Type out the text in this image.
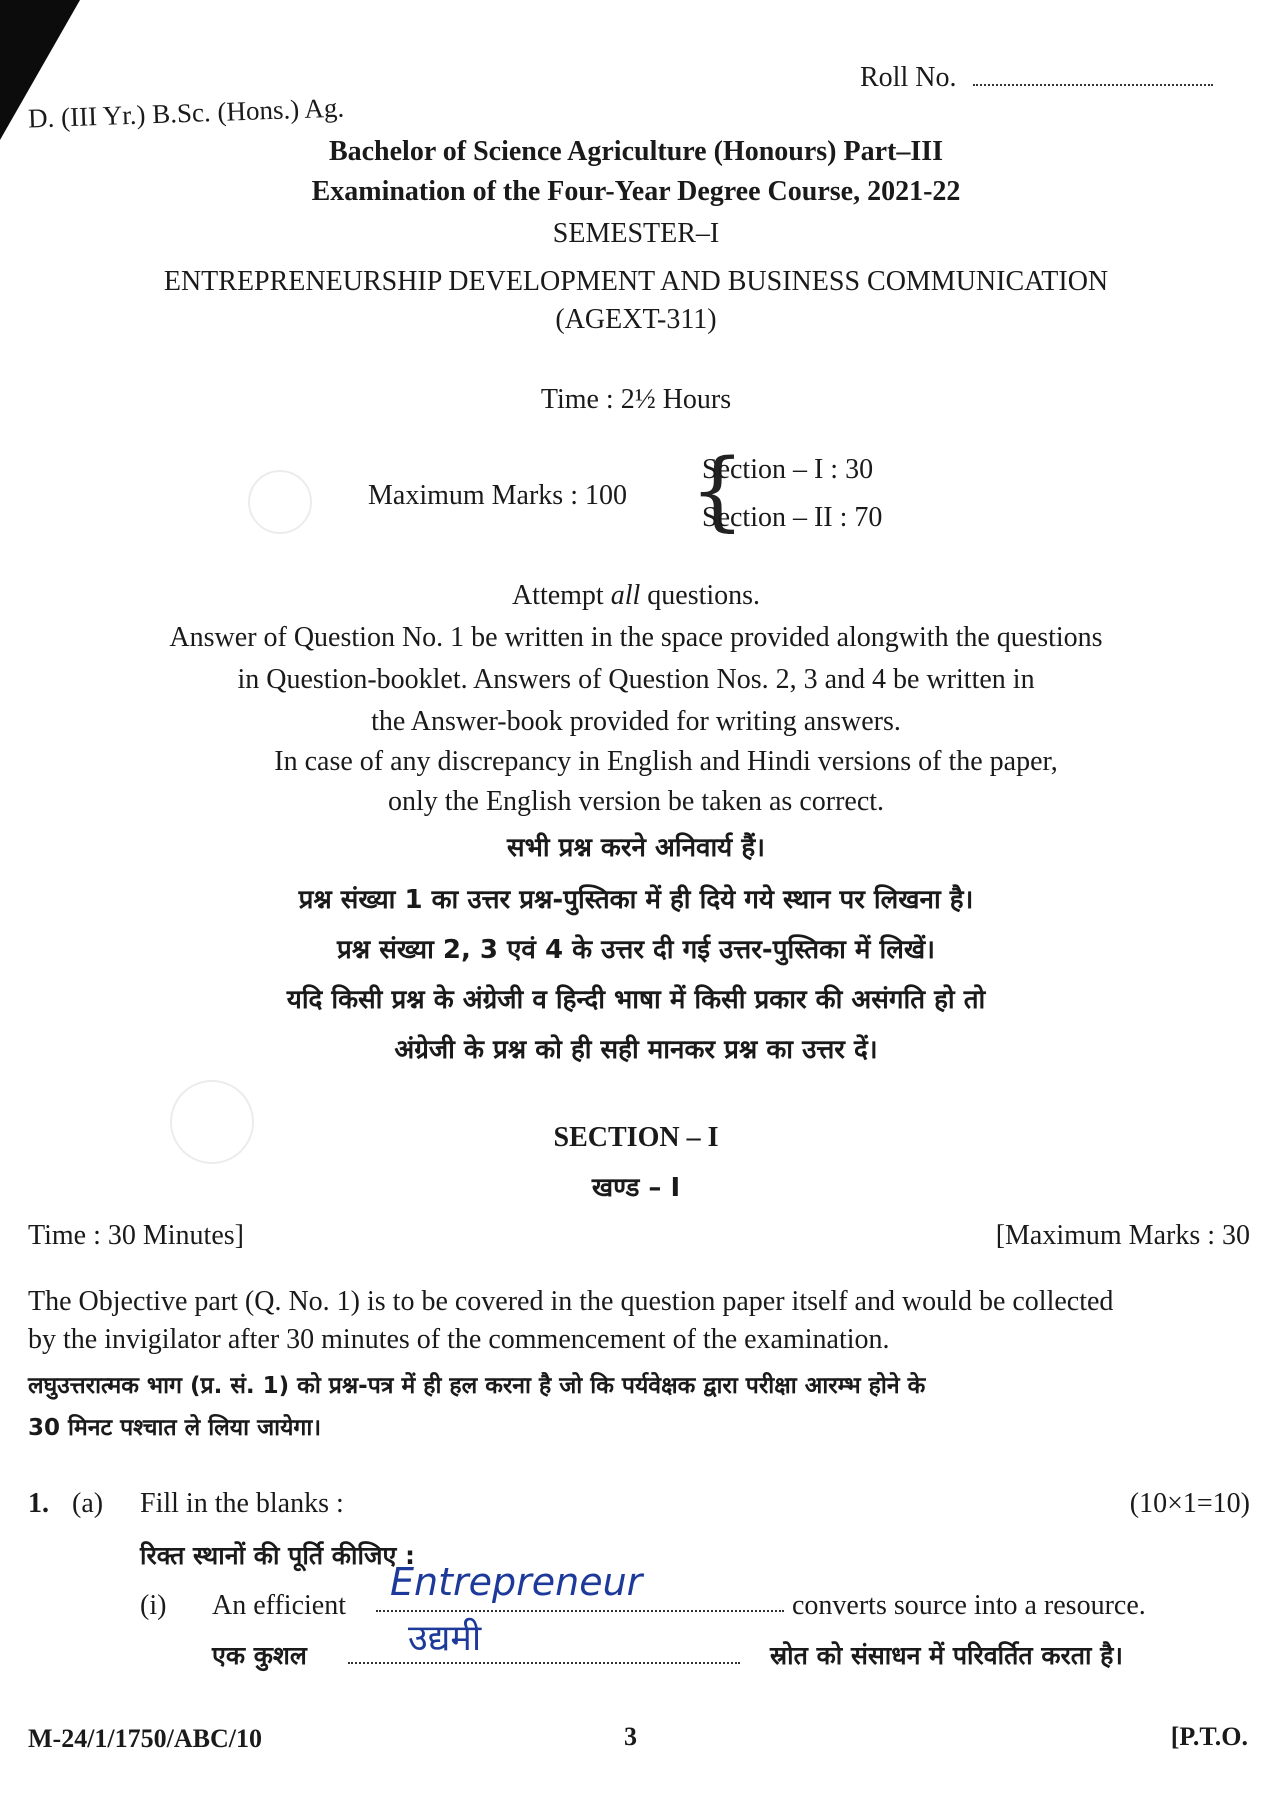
Roll No.
D. (III Yr.) B.Sc. (Hons.) Ag.
Bachelor of Science Agriculture (Honours) Part–III
Examination of the Four-Year Degree Course, 2021-22
SEMESTER–I
ENTREPRENEURSHIP DEVELOPMENT AND BUSINESS COMMUNICATION
(AGEXT-311)
Time : 2½ Hours
Maximum Marks : 100 {
Section – I : 30
Section – II : 70
Attempt all questions.
Answer of Question No. 1 be written in the space provided alongwith the questions
in Question-booklet. Answers of Question Nos. 2, 3 and 4 be written in
the Answer-book provided for writing answers.
In case of any discrepancy in English and Hindi versions of the paper,
only the English version be taken as correct.
सभी प्रश्न करने अनिवार्य हैं।
प्रश्न संख्या 1 का उत्तर प्रश्न-पुस्तिका में ही दिये गये स्थान पर लिखना है।
प्रश्न संख्या 2, 3 एवं 4 के उत्तर दी गई उत्तर-पुस्तिका में लिखें।
यदि किसी प्रश्न के अंग्रेजी व हिन्दी भाषा में किसी प्रकार की असंगति हो तो
अंग्रेजी के प्रश्न को ही सही मानकर प्रश्न का उत्तर दें।
SECTION – I
खण्ड – I
Time : 30 Minutes]	[Maximum Marks : 30
The Objective part (Q. No. 1) is to be covered in the question paper itself and would be collected
by the invigilator after 30 minutes of the commencement of the examination.
लघुउत्तरात्मक भाग (प्र. सं. 1) को प्रश्न-पत्र में ही हल करना है जो कि पर्यवेक्षक द्वारा परीक्षा आरम्भ होने के
30 मिनट पश्चात ले लिया जायेगा।
1. (a) Fill in the blanks :	(10×1=10)
रिक्त स्थानों की पूर्ति कीजिए :
(i) An efficient
Entrepreneur
converts source into a resource.
एक कुशल	उद्यमी	स्रोत को संसाधन में परिवर्तित करता है।
M-24/1/1750/ABC/10	3	[P.T.O.
